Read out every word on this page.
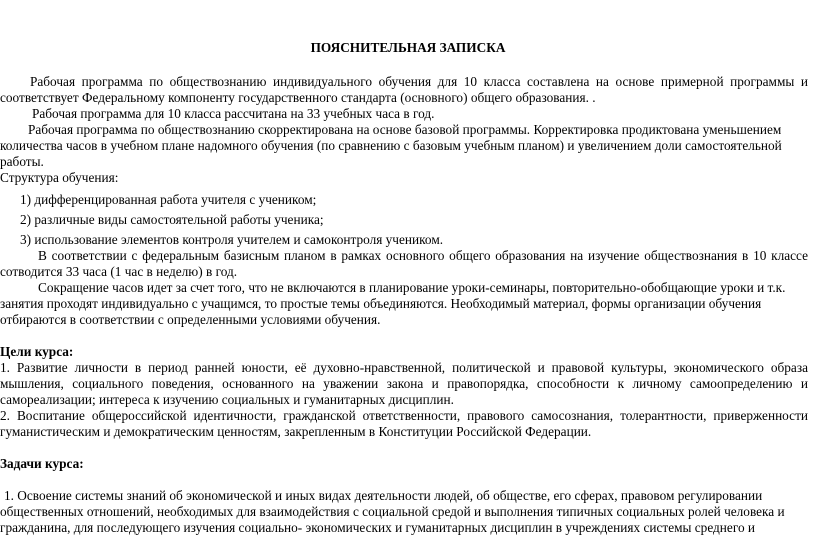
ПОЯСНИТЕЛЬНАЯ ЗАПИСКА

Рабочая программа по обществознанию индивидуального обучения для 10 класса составлена на основе примерной программы и соответствует Федеральному компоненту государственного стандарта (основного) общего образования. .

Рабочая программа для 10 класса рассчитана на 33 учебных часа в год.

Рабочая программа по обществознанию скорректирована на основе базовой программы. Корректировка продиктована уменьшением количества часов в учебном плане надомного обучения (по сравнению с базовым учебным планом) и увеличением доли самостоятельной работы.

Структура обучения:

1) дифференцированная работа учителя с учеником;

2) различные виды самостоятельной работы ученика;

3) использование элементов контроля учителем и самоконтроля учеником.

В соответствии с федеральным базисным планом в рамках основного общего образования на изучение обществознания в 10 классе сотводится 33 часа (1 час в неделю) в год.

Сокращение часов идет за счет того, что не включаются в планирование уроки-семинары, повторительно-обобщающие уроки и т.к. занятия проходят индивидуально с учащимся, то простые темы объединяются. Необходимый материал, формы организации обучения отбираются в соответствии с определенными условиями обучения.

Цели курса:

1. Развитие личности в период ранней юности, её духовно-нравственной, политической и правовой культуры, экономического образа мышления, социального поведения, основанного на уважении закона и правопорядка, способности к личному самоопределению и самореализации; интереса к изучению социальных и гуманитарных дисциплин.

2. Воспитание общероссийской идентичности, гражданской ответственности, правового самосознания, толерантности, приверженности гуманистическим и демократическим ценностям, закрепленным в Конституции Российской Федерации.

Задачи курса:

1. Освоение системы знаний об экономической и иных видах деятельности людей, об обществе, его сферах, правовом регулировании общественных отношений, необходимых для взаимодействия с социальной средой и выполнения типичных социальных ролей человека и гражданина, для последующего изучения социально- экономических и гуманитарных дисциплин в учреждениях системы среднего и
